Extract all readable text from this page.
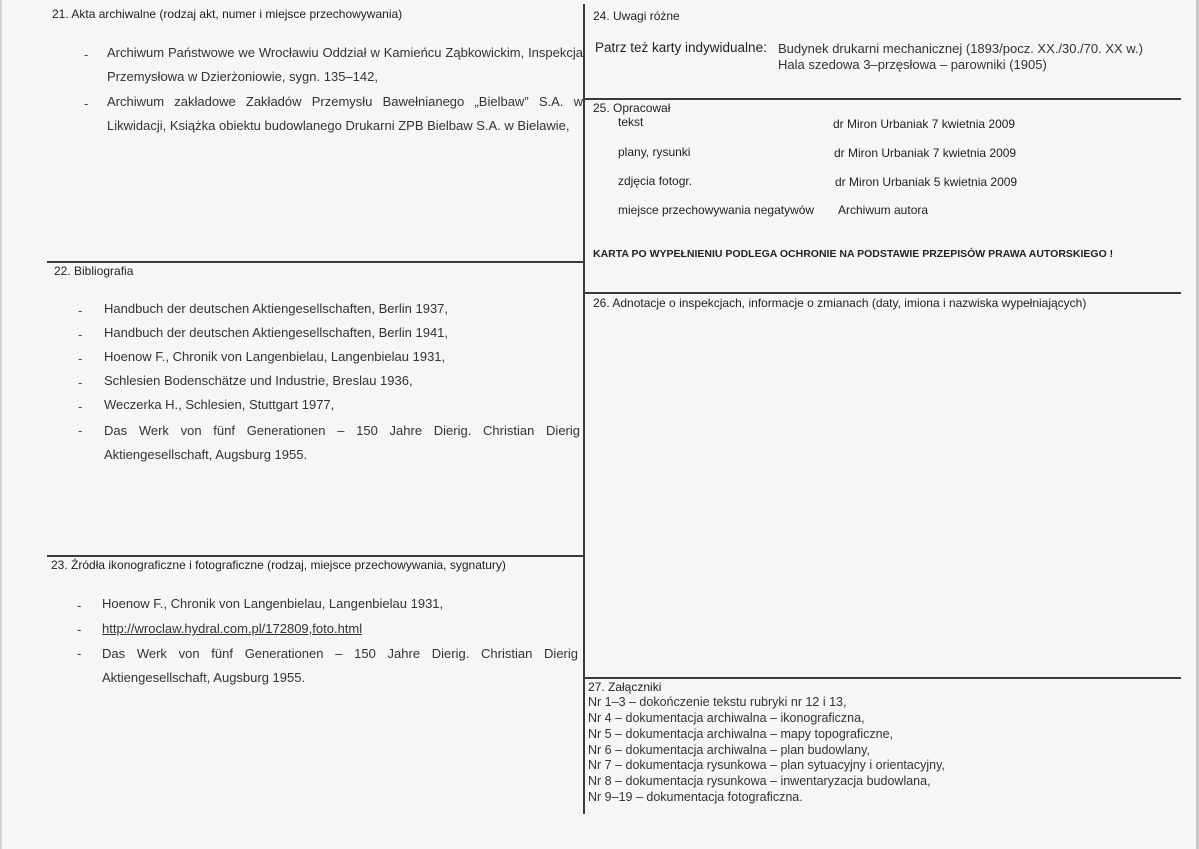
21. Akta archiwalne (rodzaj akt, numer i miejsce przechowywania)
- Archiwum Państwowe we Wrocławiu Oddział w Kamieńcu Ząbkowickim, Inspekcja Przemysłowa w Dzierżoniowie, sygn. 135–142,
- Archiwum zakładowe Zakładów Przemysłu Bawełnianego „Bielbaw” S.A. w Likwidacji, Książka obiektu budowlanego Drukarni ZPB Bielbaw S.A. w Bielawie,
22. Bibliografia
- Handbuch der deutschen Aktiengesellschaften, Berlin 1937,
- Handbuch der deutschen Aktiengesellschaften, Berlin 1941,
- Hoenow F., Chronik von Langenbielau, Langenbielau 1931,
- Schlesien Bodenschätze und Industrie, Breslau 1936,
- Weczerka H., Schlesien, Stuttgart 1977,
- Das Werk von fünf Generationen – 150 Jahre Dierig. Christian Dierig Aktiengesellschaft, Augsburg 1955.
23. Źródła ikonograficzne i fotograficzne (rodzaj, miejsce przechowywania, sygnatury)
- Hoenow F., Chronik von Langenbielau, Langenbielau 1931,
- http://wroclaw.hydral.com.pl/172809,foto.html
- Das Werk von fünf Generationen – 150 Jahre Dierig. Christian Dierig Aktiengesellschaft, Augsburg 1955.
24. Uwagi różne
Patrz też karty indywidualne: Budynek drukarni mechanicznej (1893/pocz. XX./30./70. XX w.)
Hala szedowa 3–przęsłowa – parowniki (1905)
25. Opracował
tekst	dr Miron Urbaniak 7 kwietnia 2009
plany, rysunki	dr Miron Urbaniak 7 kwietnia 2009
zdjęcia fotogr.	dr Miron Urbaniak 5 kwietnia 2009
miejsce przechowywania negatywów Archiwum autora
KARTA PO WYPEŁNIENIU PODLEGA OCHRONIE NA PODSTAWIE PRZEPISÓW PRAWA AUTORSKIEGO !
26. Adnotacje o inspekcjach, informacje o zmianach (daty, imiona i nazwiska wypełniających)
27. Załączniki
Nr 1–3 – dokończenie tekstu rubryki nr 12 i 13,
Nr 4 – dokumentacja archiwalna – ikonograficzna,
Nr 5 – dokumentacja archiwalna – mapy topograficzne,
Nr 6 – dokumentacja archiwalna – plan budowlany,
Nr 7 – dokumentacja rysunkowa – plan sytuacyjny i orientacyjny,
Nr 8 – dokumentacja rysunkowa – inwentaryzacja budowlana,
Nr 9–19 – dokumentacja fotograficzna.
